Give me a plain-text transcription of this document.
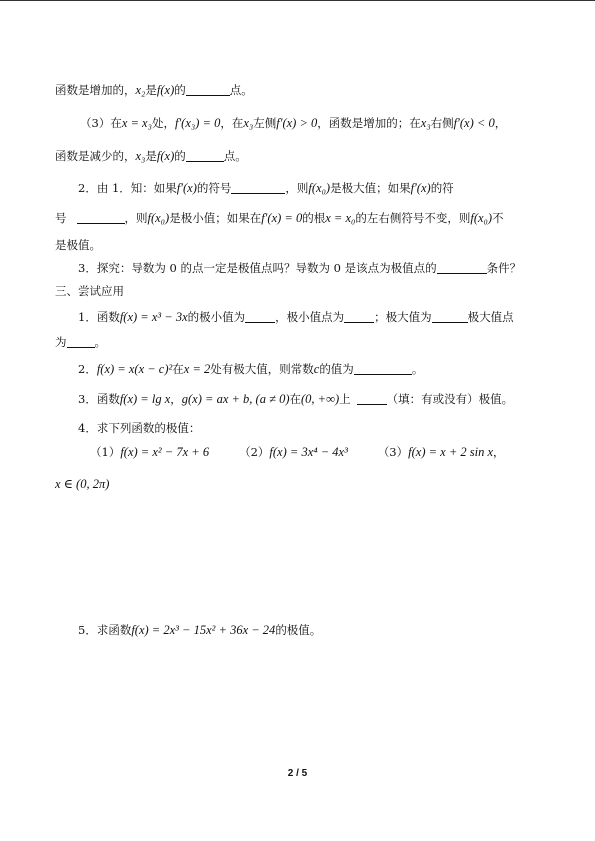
函数是增加的，x₂是f(x)的	点。
（3）在x = x₃处，f′(x₃) = 0，在x₃左侧f′(x) > 0，函数是增加的；在x₃右侧f′(x) < 0，
函数是减少的，x₃是f(x)的	点。
2．由 1．知：如果f′(x)的符号	，则f(x₀)是极大值；如果f′(x)的符
号	，则f(x₀)是极小值；如果在f′(x) = 0的根x = x₀的左右侧符号不变，则f(x₀)不
是极值。
3．探究：导数为 0 的点一定是极值点吗？导数为 0 是该点为极值点的	条件？
三、尝试应用
1．函数f(x) = x³ − 3x的极小值为	，极小值点为	；极大值为	极大值点
为 。
2．f(x) = x(x − c)²在x = 2处有极大值，则常数c的值为	。
3．函数f(x) = lg x，g(x) = ax + b, (a ≠ 0)在(0, +∞)上	（填：有或没有）极值。
4．求下列函数的极值：
（1）f(x) = x² − 7x + 6	（2）f(x) = 3x⁴ − 4x³	（3）f(x) = x + 2 sin x，
x ∈ (0, 2π)
5．求函数f(x) = 2x³ − 15x² + 36x − 24的极值。
2 / 5
